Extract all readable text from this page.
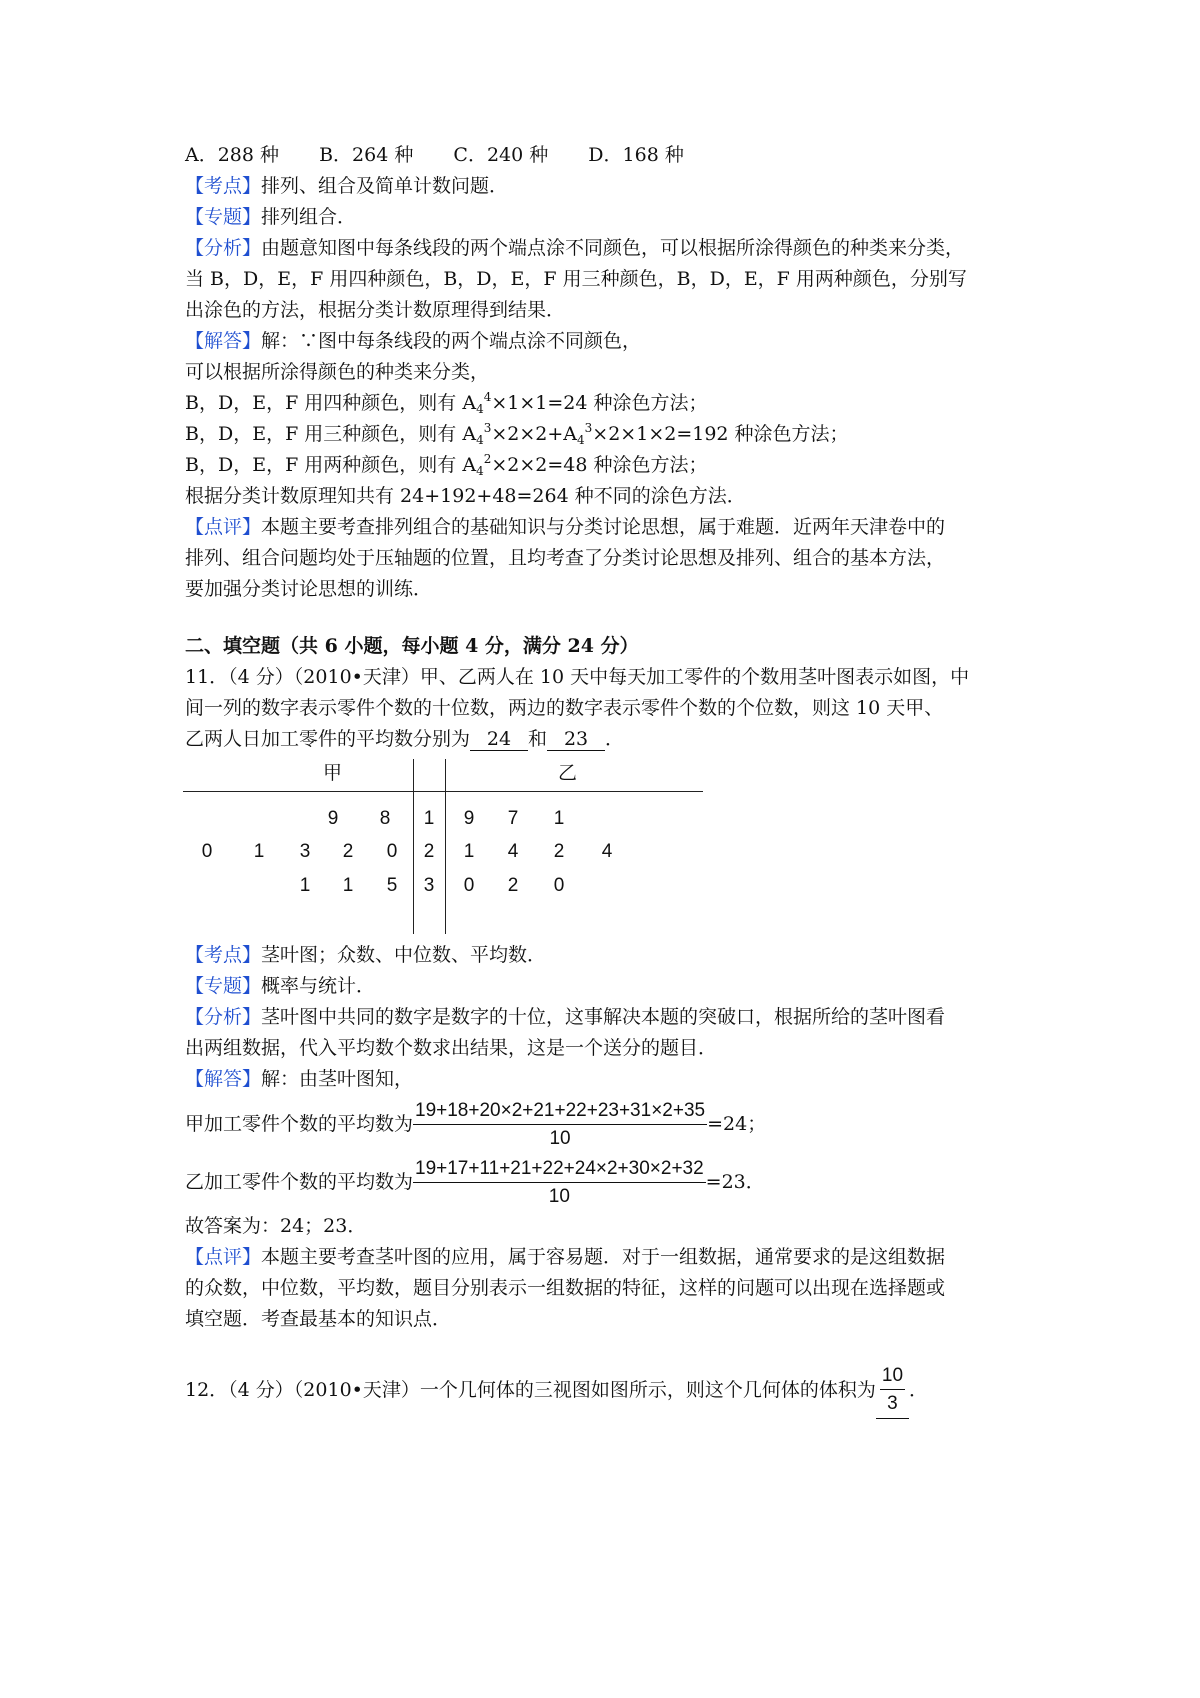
A．288 种 B．264 种 C．240 种 D．168 种
【考点】排列、组合及简单计数问题．
【专题】排列组合．
【分析】由题意知图中每条线段的两个端点涂不同颜色，可以根据所涂得颜色的种类来分类，
当 B，D，E，F 用四种颜色，B，D，E，F 用三种颜色，B，D，E，F 用两种颜色，分别写
出涂色的方法，根据分类计数原理得到结果．
【解答】解：∵图中每条线段的两个端点涂不同颜色，
可以根据所涂得颜色的种类来分类，
B，D，E，F 用四种颜色，则有 $A_4^4\times 1\times 1=24$ 种涂色方法；
B，D，E，F 用三种颜色，则有 $A_4^3\times 2\times 2+A_4^3\times 2\times 1\times 2=192$ 种涂色方法；
B，D，E，F 用两种颜色，则有 $A_4^2\times 2\times 2=48$ 种涂色方法；
根据分类计数原理知共有 24+192+48=264 种不同的涂色方法．
【点评】本题主要考查排列组合的基础知识与分类讨论思想，属于难题．近两年天津卷中的
排列、组合问题均处于压轴题的位置，且均考查了分类讨论思想及排列、组合的基本方法，
要加强分类讨论思想的训练．
二、填空题（共 6 小题，每小题 4 分，满分 24 分）
11．（4 分）（2010•天津）甲、乙两人在 10 天中每天加工零件的个数用茎叶图表示如图，中
间一列的数字表示零件个数的十位数，两边的数字表示零件个数的个位数，则这 10 天甲、
乙两人日加工零件的平均数分别为 24 和 23 ．
甲	乙
9 8 1 9 7 1
0 1 3 2 0 2 1 4 2 4
1 1 5 3 0 2 0
【考点】茎叶图；众数、中位数、平均数．
【专题】概率与统计．
【分析】茎叶图中共同的数字是数字的十位，这事解决本题的突破口，根据所给的茎叶图看
出两组数据，代入平均数个数求出结果，这是一个送分的题目．
【解答】解：由茎叶图知，
甲加工零件个数的平均数为 $\frac{19+18+20\times 2+21+22+23+31\times 2+35}{10} =24$；
乙加工零件个数的平均数为 $\frac{19+17+11+21+22+24\times 2+30\times 2+32}{10} =23$．
故答案为：24；23．
【点评】本题主要考查茎叶图的应用，属于容易题．对于一组数据，通常要求的是这组数据
的众数，中位数，平均数，题目分别表示一组数据的特征，这样的问题可以出现在选择题或
填空题．考查最基本的知识点．
12．（4 分）（2010•天津）一个几何体的三视图如图所示，则这个几何体的体积为 $\frac{10}{3}$ ．
